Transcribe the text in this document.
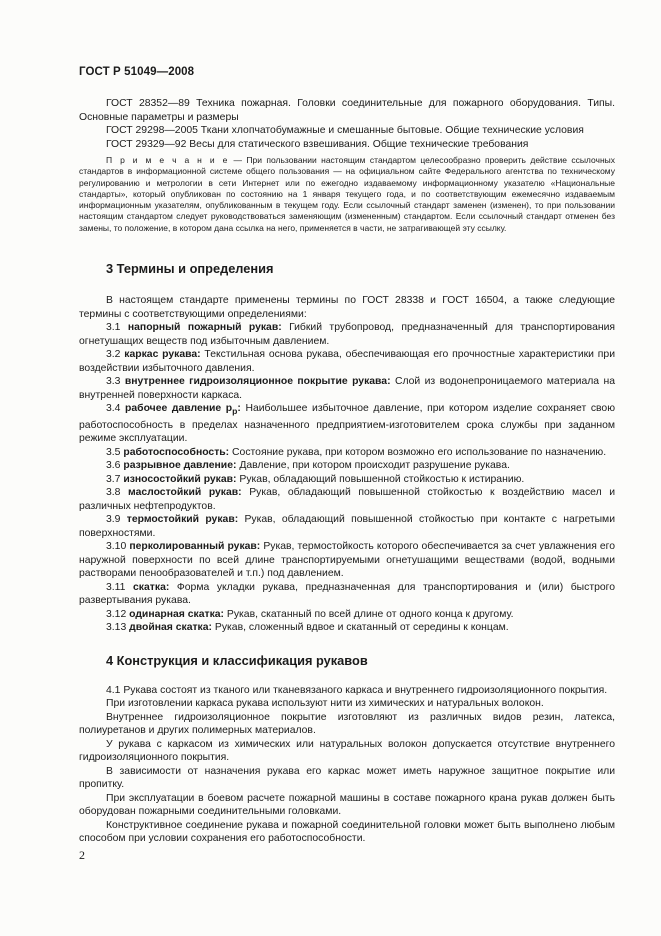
ГОСТ Р 51049—2008

ГОСТ 28352—89 Техника пожарная. Головки соединительные для пожарного оборудования. Типы. Основные параметры и размеры

ГОСТ 29298—2005 Ткани хлопчатобумажные и смешанные бытовые. Общие технические условия

ГОСТ 29329—92 Весы для статического взвешивания. Общие технические требования

П р и м е ч а н и е — При пользовании настоящим стандартом целесообразно проверить действие ссылочных стандартов в информационной системе общего пользования — на официальном сайте Федерального агентства по техническому регулированию и метрологии в сети Интернет или по ежегодно издаваемому информационному указателю «Национальные стандарты», который опубликован по состоянию на 1 января текущего года, и по соответствующим ежемесячно издаваемым информационным указателям, опубликованным в текущем году. Если ссылочный стандарт заменен (изменен), то при пользовании настоящим стандартом следует руководствоваться заменяющим (измененным) стандартом. Если ссылочный стандарт отменен без замены, то положение, в котором дана ссылка на него, применяется в части, не затрагивающей эту ссылку.

3 Термины и определения

В настоящем стандарте применены термины по ГОСТ 28338 и ГОСТ 16504, а также следующие термины с соответствующими определениями:

3.1 напорный пожарный рукав: Гибкий трубопровод, предназначенный для транспортирования огнетушащих веществ под избыточным давлением.

3.2 каркас рукава: Текстильная основа рукава, обеспечивающая его прочностные характеристики при воздействии избыточного давления.

3.3 внутреннее гидроизоляционное покрытие рукава: Слой из водонепроницаемого материала на внутренней поверхности каркаса.

3.4 рабочее давление $р_р$: Наибольшее избыточное давление, при котором изделие сохраняет свою работоспособность в пределах назначенного предприятием-изготовителем срока службы при заданном режиме эксплуатации.

3.5 работоспособность: Состояние рукава, при котором возможно его использование по назначению.

3.6 разрывное давление: Давление, при котором происходит разрушение рукава.

3.7 износостойкий рукав: Рукав, обладающий повышенной стойкостью к истиранию.

3.8 маслостойкий рукав: Рукав, обладающий повышенной стойкостью к воздействию масел и различных нефтепродуктов.

3.9 термостойкий рукав: Рукав, обладающий повышенной стойкостью при контакте с нагретыми поверхностями.

3.10 перколированный рукав: Рукав, термостойкость которого обеспечивается за счет увлажнения его наружной поверхности по всей длине транспортируемыми огнетушащими веществами (водой, водными растворами пенообразователей и т.п.) под давлением.

3.11 скатка: Форма укладки рукава, предназначенная для транспортирования и (или) быстрого развертывания рукава.

3.12 одинарная скатка: Рукав, скатанный по всей длине от одного конца к другому.

3.13 двойная скатка: Рукав, сложенный вдвое и скатанный от середины к концам.

4 Конструкция и классификация рукавов

4.1 Рукава состоят из тканого или тканевязаного каркаса и внутреннего гидроизоляционного покрытия.

При изготовлении каркаса рукава используют нити из химических и натуральных волокон.

Внутреннее гидроизоляционное покрытие изготовляют из различных видов резин, латекса, полиуретанов и других полимерных материалов.

У рукава с каркасом из химических или натуральных волокон допускается отсутствие внутреннего гидроизоляционного покрытия.

В зависимости от назначения рукава его каркас может иметь наружное защитное покрытие или пропитку.

При эксплуатации в боевом расчете пожарной машины в составе пожарного крана рукав должен быть оборудован пожарными соединительными головками.

Конструктивное соединение рукава и пожарной соединительной головки может быть выполнено любым способом при условии сохранения его работоспособности.

2
